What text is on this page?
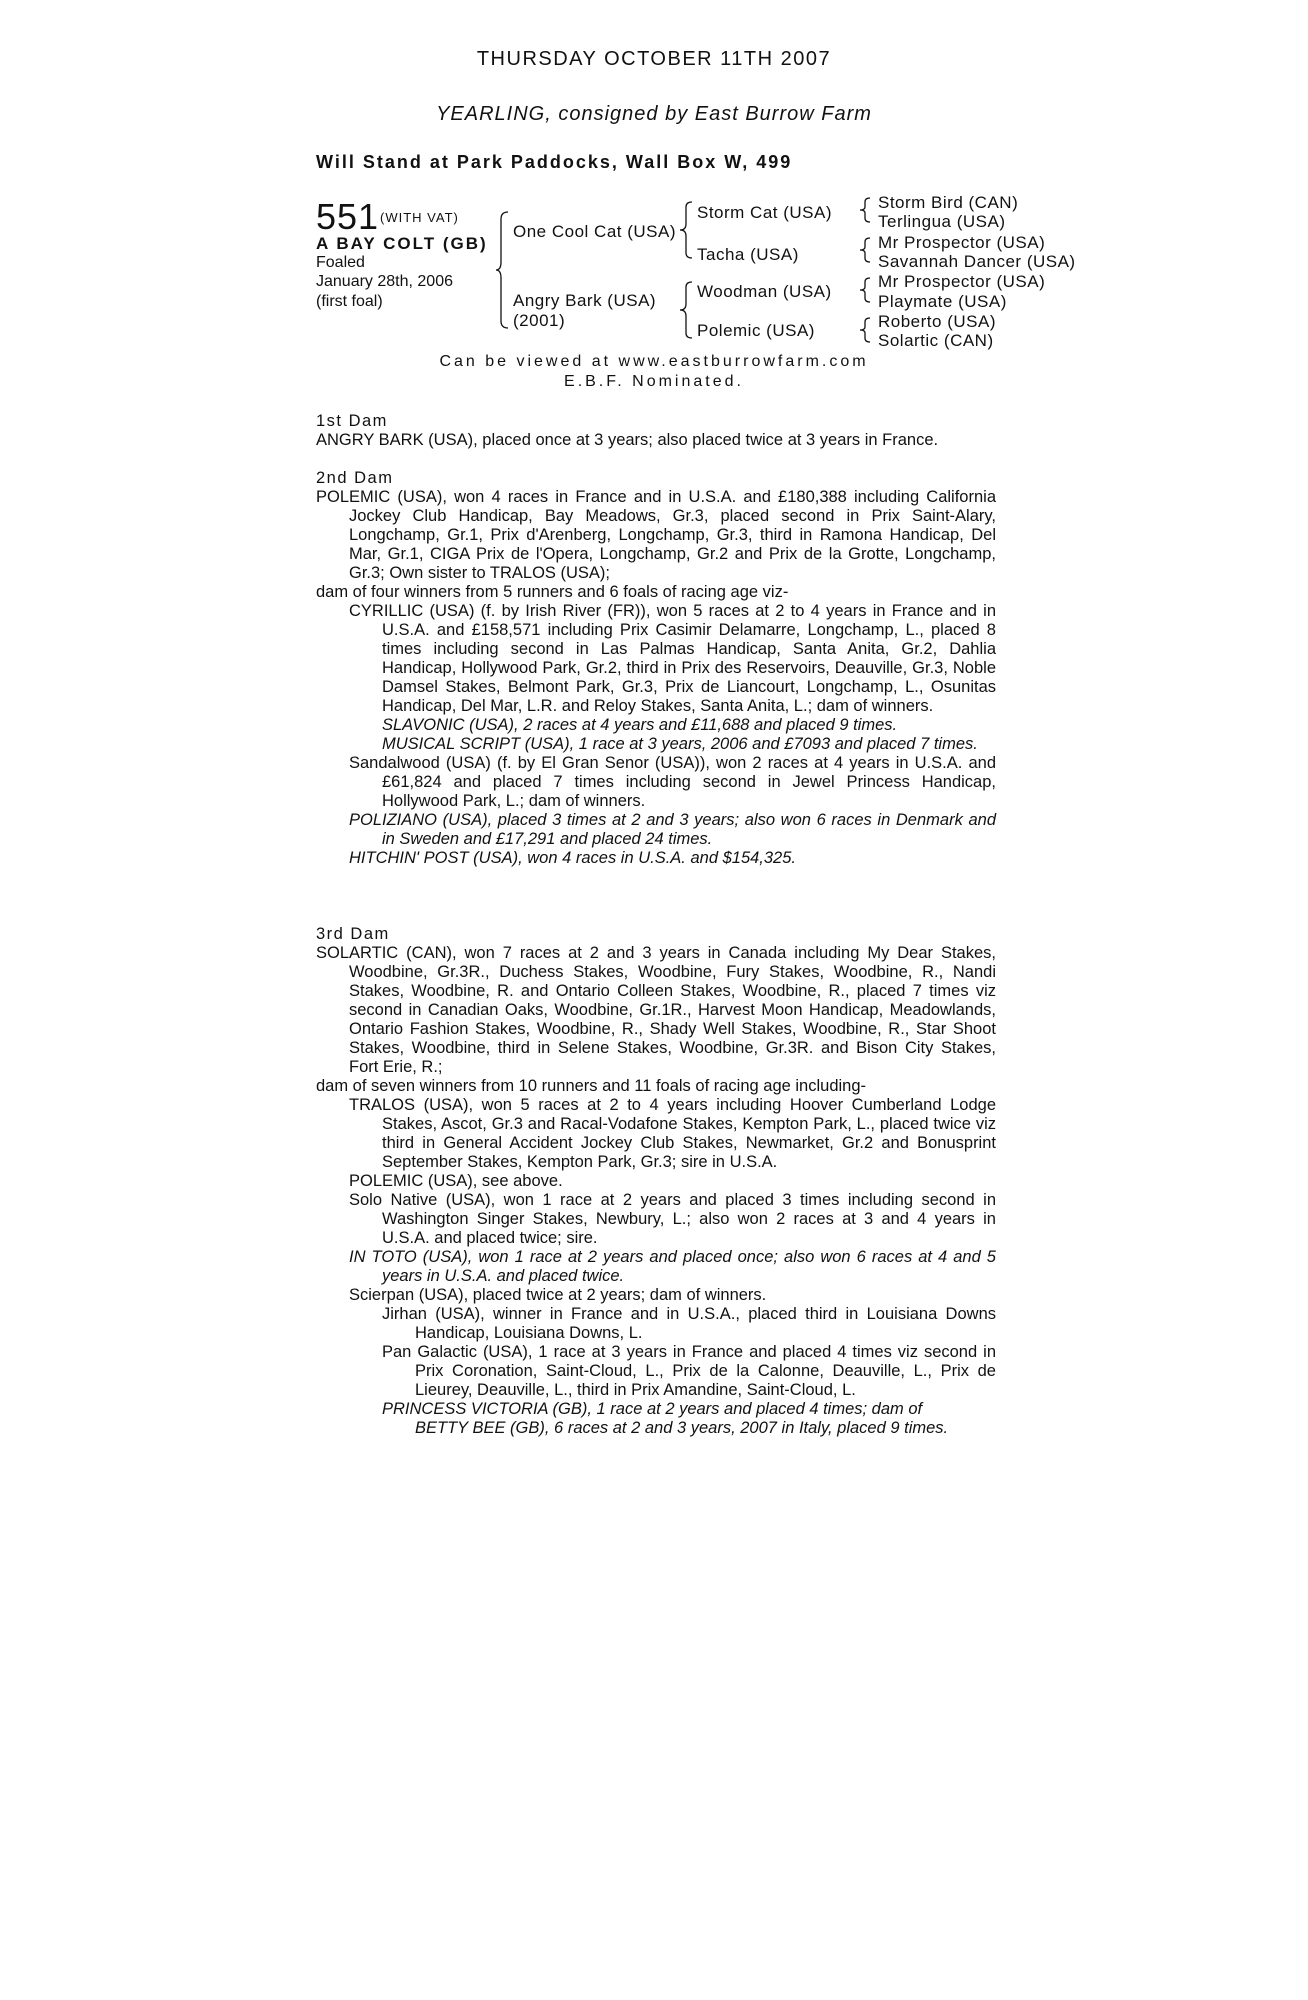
THURSDAY OCTOBER 11TH 2007
YEARLING, consigned by East Burrow Farm
Will Stand at Park Paddocks, Wall Box W, 499
551 (WITH VAT)
A BAY COLT (GB)
Foaled
January 28th, 2006
(first foal)
One Cool Cat (USA)
Angry Bark (USA)
(2001)
Storm Cat (USA)
Tacha (USA)
Woodman (USA)
Polemic (USA)
Storm Bird (CAN)
Terlingua (USA)
Mr Prospector (USA)
Savannah Dancer (USA)
Mr Prospector (USA)
Playmate (USA)
Roberto (USA)
Solartic (CAN)
Can be viewed at www.eastburrowfarm.com
E.B.F. Nominated.

1st Dam

ANGRY BARK (USA), placed once at 3 years; also placed twice at 3 years in France.

2nd Dam

POLEMIC (USA), won 4 races in France and in U.S.A. and £180,388 including California Jockey Club Handicap, Bay Meadows, Gr.3, placed second in Prix Saint-Alary, Longchamp, Gr.1, Prix d'Arenberg, Longchamp, Gr.3, third in Ramona Handicap, Del Mar, Gr.1, CIGA Prix de l'Opera, Longchamp, Gr.2 and Prix de la Grotte, Longchamp, Gr.3; Own sister to TRALOS (USA);

dam of four winners from 5 runners and 6 foals of racing age viz-

CYRILLIC (USA) (f. by Irish River (FR)), won 5 races at 2 to 4 years in France and in U.S.A. and £158,571 including Prix Casimir Delamarre, Longchamp, L., placed 8 times including second in Las Palmas Handicap, Santa Anita, Gr.2, Dahlia Handicap, Hollywood Park, Gr.2, third in Prix des Reservoirs, Deauville, Gr.3, Noble Damsel Stakes, Belmont Park, Gr.3, Prix de Liancourt, Longchamp, L., Osunitas Handicap, Del Mar, L.R. and Reloy Stakes, Santa Anita, L.; dam of winners.

SLAVONIC (USA), 2 races at 4 years and £11,688 and placed 9 times.

MUSICAL SCRIPT (USA), 1 race at 3 years, 2006 and £7093 and placed 7 times.

Sandalwood (USA) (f. by El Gran Senor (USA)), won 2 races at 4 years in U.S.A. and £61,824 and placed 7 times including second in Jewel Princess Handicap, Hollywood Park, L.; dam of winners.

POLIZIANO (USA), placed 3 times at 2 and 3 years; also won 6 races in Denmark and in Sweden and £17,291 and placed 24 times.

HITCHIN' POST (USA), won 4 races in U.S.A. and $154,325.

3rd Dam

SOLARTIC (CAN), won 7 races at 2 and 3 years in Canada including My Dear Stakes, Woodbine, Gr.3R., Duchess Stakes, Woodbine, Fury Stakes, Woodbine, R., Nandi Stakes, Woodbine, R. and Ontario Colleen Stakes, Woodbine, R., placed 7 times viz second in Canadian Oaks, Woodbine, Gr.1R., Harvest Moon Handicap, Meadowlands, Ontario Fashion Stakes, Woodbine, R., Shady Well Stakes, Woodbine, R., Star Shoot Stakes, Woodbine, third in Selene Stakes, Woodbine, Gr.3R. and Bison City Stakes, Fort Erie, R.;

dam of seven winners from 10 runners and 11 foals of racing age including-

TRALOS (USA), won 5 races at 2 to 4 years including Hoover Cumberland Lodge Stakes, Ascot, Gr.3 and Racal-Vodafone Stakes, Kempton Park, L., placed twice viz third in General Accident Jockey Club Stakes, Newmarket, Gr.2 and Bonusprint September Stakes, Kempton Park, Gr.3; sire in U.S.A.

POLEMIC (USA), see above.

Solo Native (USA), won 1 race at 2 years and placed 3 times including second in Washington Singer Stakes, Newbury, L.; also won 2 races at 3 and 4 years in U.S.A. and placed twice; sire.

IN TOTO (USA), won 1 race at 2 years and placed once; also won 6 races at 4 and 5 years in U.S.A. and placed twice.

Scierpan (USA), placed twice at 2 years; dam of winners.

Jirhan (USA), winner in France and in U.S.A., placed third in Louisiana Downs Handicap, Louisiana Downs, L.

Pan Galactic (USA), 1 race at 3 years in France and placed 4 times viz second in Prix Coronation, Saint-Cloud, L., Prix de la Calonne, Deauville, L., Prix de Lieurey, Deauville, L., third in Prix Amandine, Saint-Cloud, L.

PRINCESS VICTORIA (GB), 1 race at 2 years and placed 4 times; dam of

BETTY BEE (GB), 6 races at 2 and 3 years, 2007 in Italy, placed 9 times.
